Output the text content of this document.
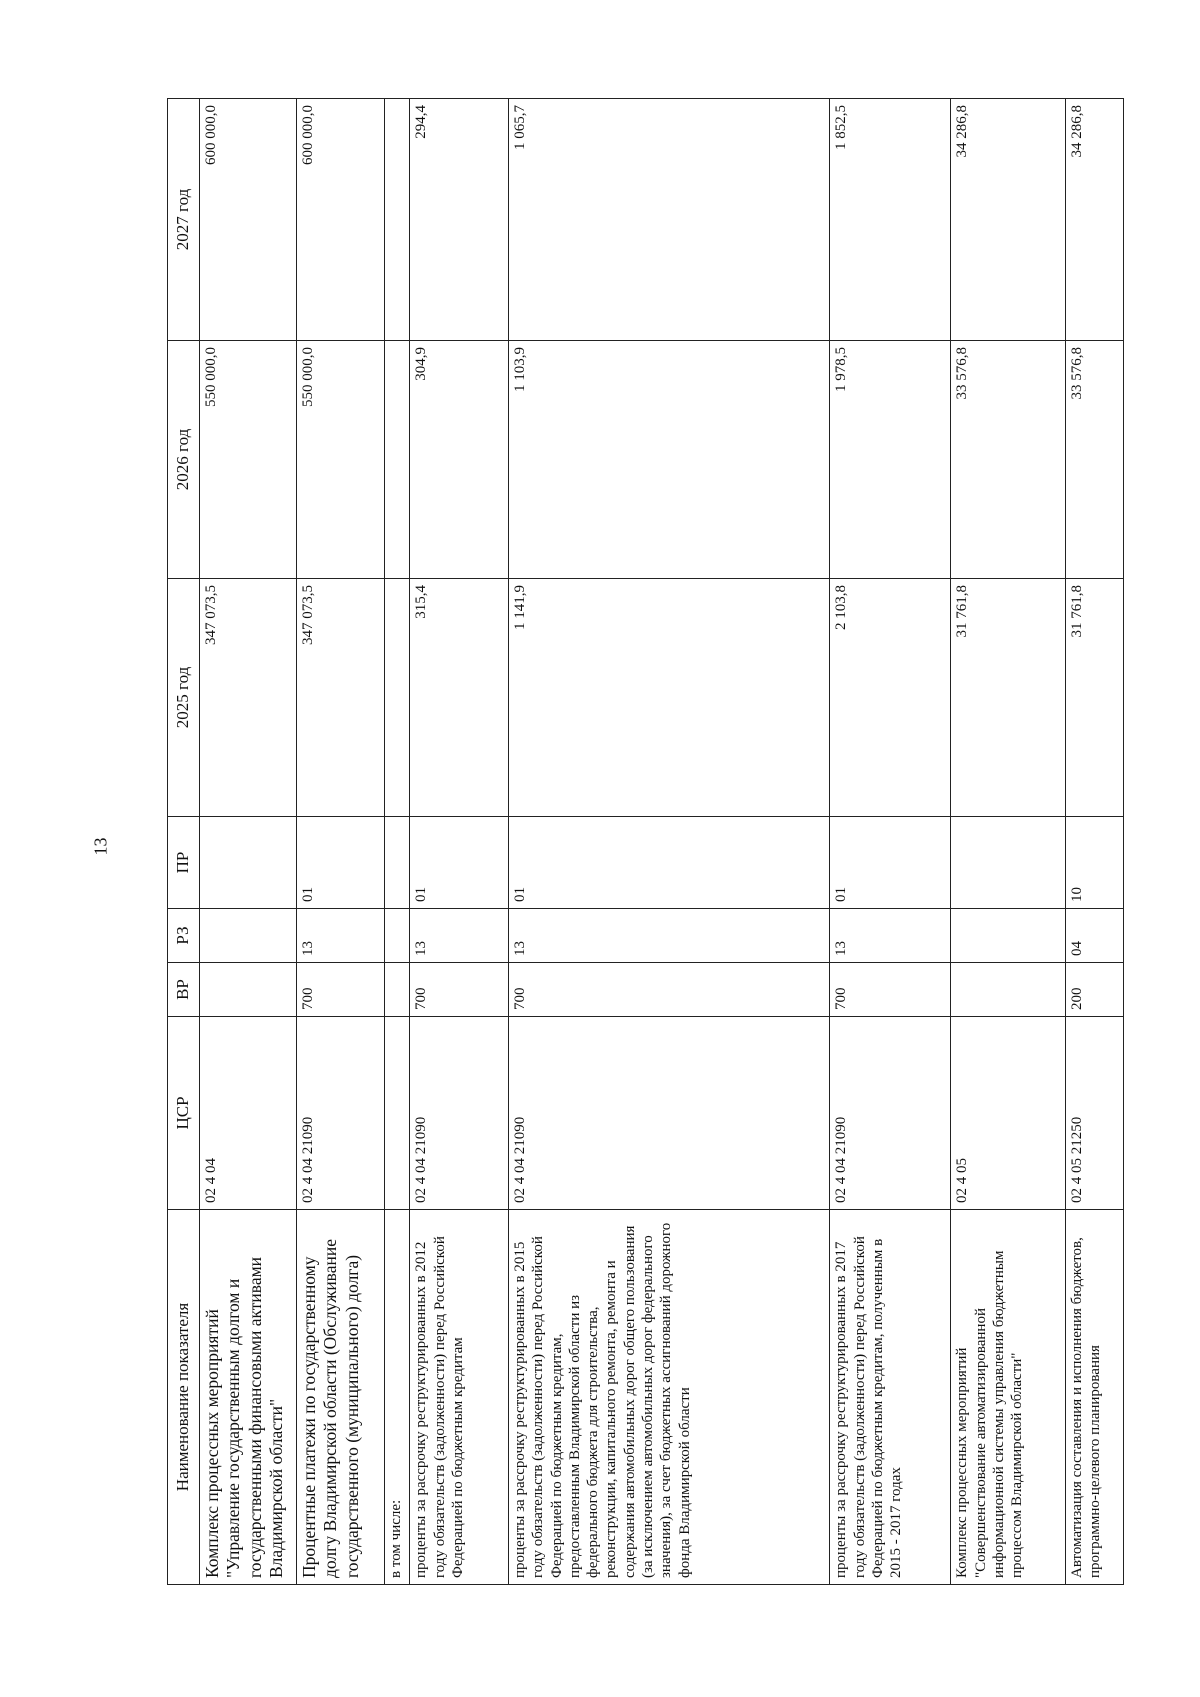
13
Наименование показателя	ЦСР	ВР	РЗ	ПР	2025 год	2026 год	2027 год
Комплекс процессных мероприятий "Управление государственным долгом и государственными финансовыми активами Владимирской области"	02 4 04				347 073,5	550 000,0	600 000,0
Процентные платежи по государственному долгу Владимирской области (Обслуживание государственного (муниципального) долга)	02 4 04 21090	700	13	01	347 073,5	550 000,0	600 000,0
в том числе:							
проценты за рассрочку реструктурированных в 2012 году обязательств (задолженности) перед Российской Федерацией по бюджетным кредитам	02 4 04 21090	700	13	01	315,4	304,9	294,4
проценты за рассрочку реструктурированных в 2015 году обязательств (задолженности) перед Российской Федерацией по бюджетным кредитам, предоставленным Владимирской области из федерального бюджета для строительства, реконструкции, капитального ремонта, ремонта и содержания автомобильных дорог общего пользования (за исключением автомобильных дорог федерального значения), за счет бюджетных ассигнований дорожного фонда Владимирской области	02 4 04 21090	700	13	01	1 141,9	1 103,9	1 065,7
проценты за рассрочку реструктурированных в 2017 году обязательств (задолженности) перед Российской Федерацией по бюджетным кредитам, полученным в 2015 - 2017 годах	02 4 04 21090	700	13	01	2 103,8	1 978,5	1 852,5
Комплекс процессных мероприятий "Совершенствование автоматизированной информационной системы управления бюджетным процессом Владимирской области"	02 4 05				31 761,8	33 576,8	34 286,8
Автоматизация составления и исполнения бюджетов, программно-целевого планирования	02 4 05 21250	200	04	10	31 761,8	33 576,8	34 286,8
